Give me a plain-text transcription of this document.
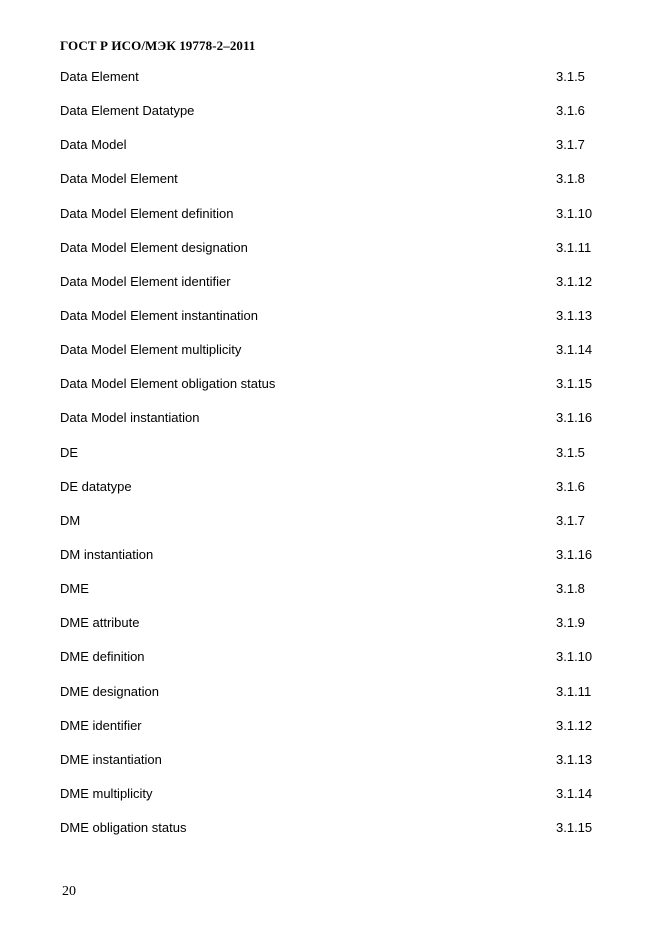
ГОСТ Р ИСО/МЭК 19778-2–2011
Data Element	3.1.5
Data Element Datatype	3.1.6
Data Model	3.1.7
Data Model Element	3.1.8
Data Model Element definition	3.1.10
Data Model Element designation	3.1.11
Data Model Element identifier	3.1.12
Data Model Element instantination	3.1.13
Data Model Element multiplicity	3.1.14
Data Model Element obligation status	3.1.15
Data Model instantiation	3.1.16
DE	3.1.5
DE datatype	3.1.6
DM	3.1.7
DM instantiation	3.1.16
DME	3.1.8
DME attribute	3.1.9
DME definition	3.1.10
DME designation	3.1.11
DME identifier	3.1.12
DME instantiation	3.1.13
DME multiplicity	3.1.14
DME obligation status	3.1.15
20
